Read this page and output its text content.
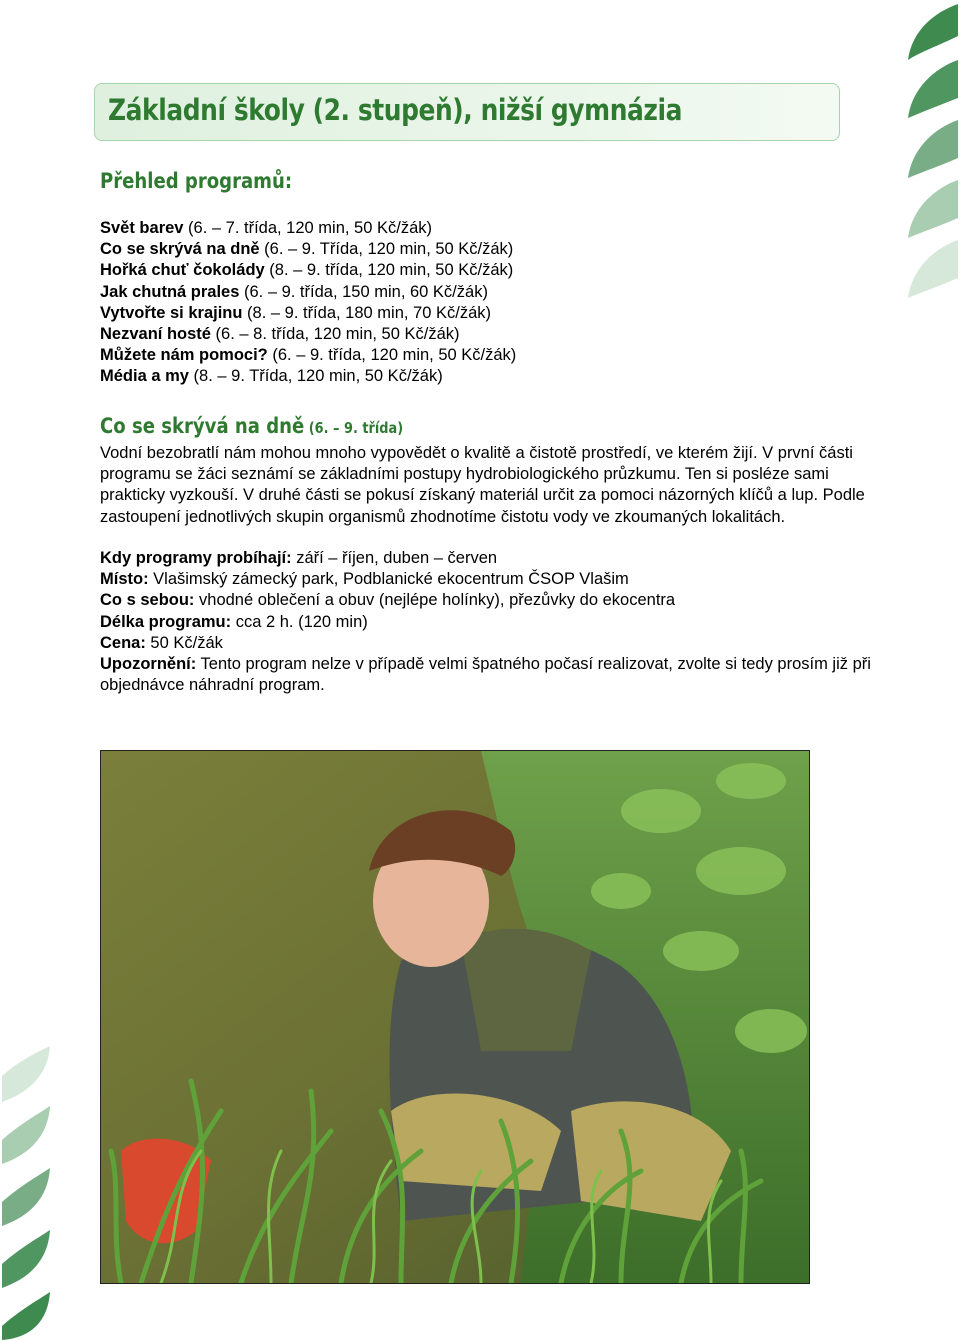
Základní školy (2. stupeň), nižší gymnázia
Přehled programů:
Svět barev (6. – 7. třída, 120 min, 50 Kč/žák)
Co se skrývá na dně (6. – 9. Třída, 120 min, 50 Kč/žák)
Hořká chuť čokolády (8. – 9. třída, 120 min, 50 Kč/žák)
Jak chutná prales (6. – 9. třída, 150 min, 60 Kč/žák)
Vytvořte si krajinu (8. – 9. třída, 180 min, 70 Kč/žák)
Nezvaní hosté (6. – 8. třída, 120 min, 50 Kč/žák)
Můžete nám pomoci? (6. – 9. třída, 120 min, 50 Kč/žák)
Média a my (8. – 9. Třída, 120 min, 50 Kč/žák)
Co se skrývá na dně (6. – 9. třída)

Vodní bezobratlí nám mohou mnoho vypovědět o kvalitě a čistotě prostředí, ve kterém žijí. V první části programu se žáci seznámí se základními postupy hydrobiologického průzkumu. Ten si posléze sami prakticky vyzkouší. V druhé části se pokusí získaný materiál určit za pomoci názorných klíčů a lup. Podle zastoupení jednotlivých skupin organismů zhodnotíme čistotu vody ve zkoumaných lokalitách.

Kdy programy probíhají: září – říjen, duben – červen
Místo: Vlašimský zámecký park, Podblanické ekocentrum ČSOP Vlašim
Co s sebou: vhodné oblečení a obuv (nejlépe holínky), přezůvky do ekocentra
Délka programu: cca 2 h. (120 min)
Cena: 50 Kč/žák
Upozornění: Tento program nelze v případě velmi špatného počasí realizovat, zvolte si tedy prosím již při objednávce náhradní program.
